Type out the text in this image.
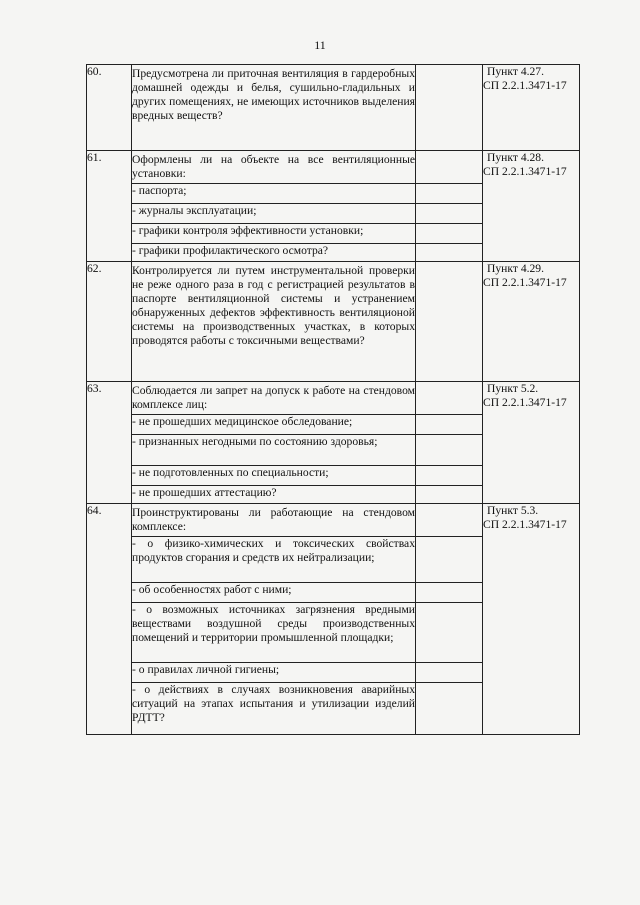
11
60.	Предусмотрена ли приточная вентиляция в гардеробных домашней одежды и белья, сушильно-гладильных и других помещениях, не имеющих источников выделения вредных веществ?		Пункт 4.27.
СП 2.2.1.3471-17

61.	Оформлены ли на объекте на все вентиляционные установки:		Пункт 4.28.
СП 2.2.1.3471-17

	- паспорта;		

	- журналы эксплуатации;		

	- графики контроля эффективности установки;		

	- графики профилактического осмотра?		

62.	Контролируется ли путем инструментальной проверки не реже одного раза в год с регистрацией результатов в паспорте вентиляционной системы и устранением обнаруженных дефектов эффективность вентиляционой системы на производственных участках, в которых проводятся работы с токсичными веществами?		Пункт 4.29.
СП 2.2.1.3471-17

63.	Соблюдается ли запрет на допуск к работе на стендовом комплексе лиц:		Пункт 5.2.
СП 2.2.1.3471-17

	- не прошедших медицинское обследование;		

	- признанных негодными по состоянию здоровья;		

	- не подготовленных по специальности;		

	- не прошедших аттестацию?		

64.	Проинструктированы ли работающие на стендовом комплексе:		Пункт 5.3.
СП 2.2.1.3471-17

	- о физико-химических и токсических свойствах продуктов сгорания и средств их нейтрализации;		

	- об особенностях работ с ними;		

	- о возможных источниках загрязнения вредными веществами воздушной среды производственных помещений и территории промышленной площадки;		

	- о правилах личной гигиены;		

	- о действиях в случаях возникновения аварийных ситуаций на этапах испытания и утилизации изделий РДТТ?		
